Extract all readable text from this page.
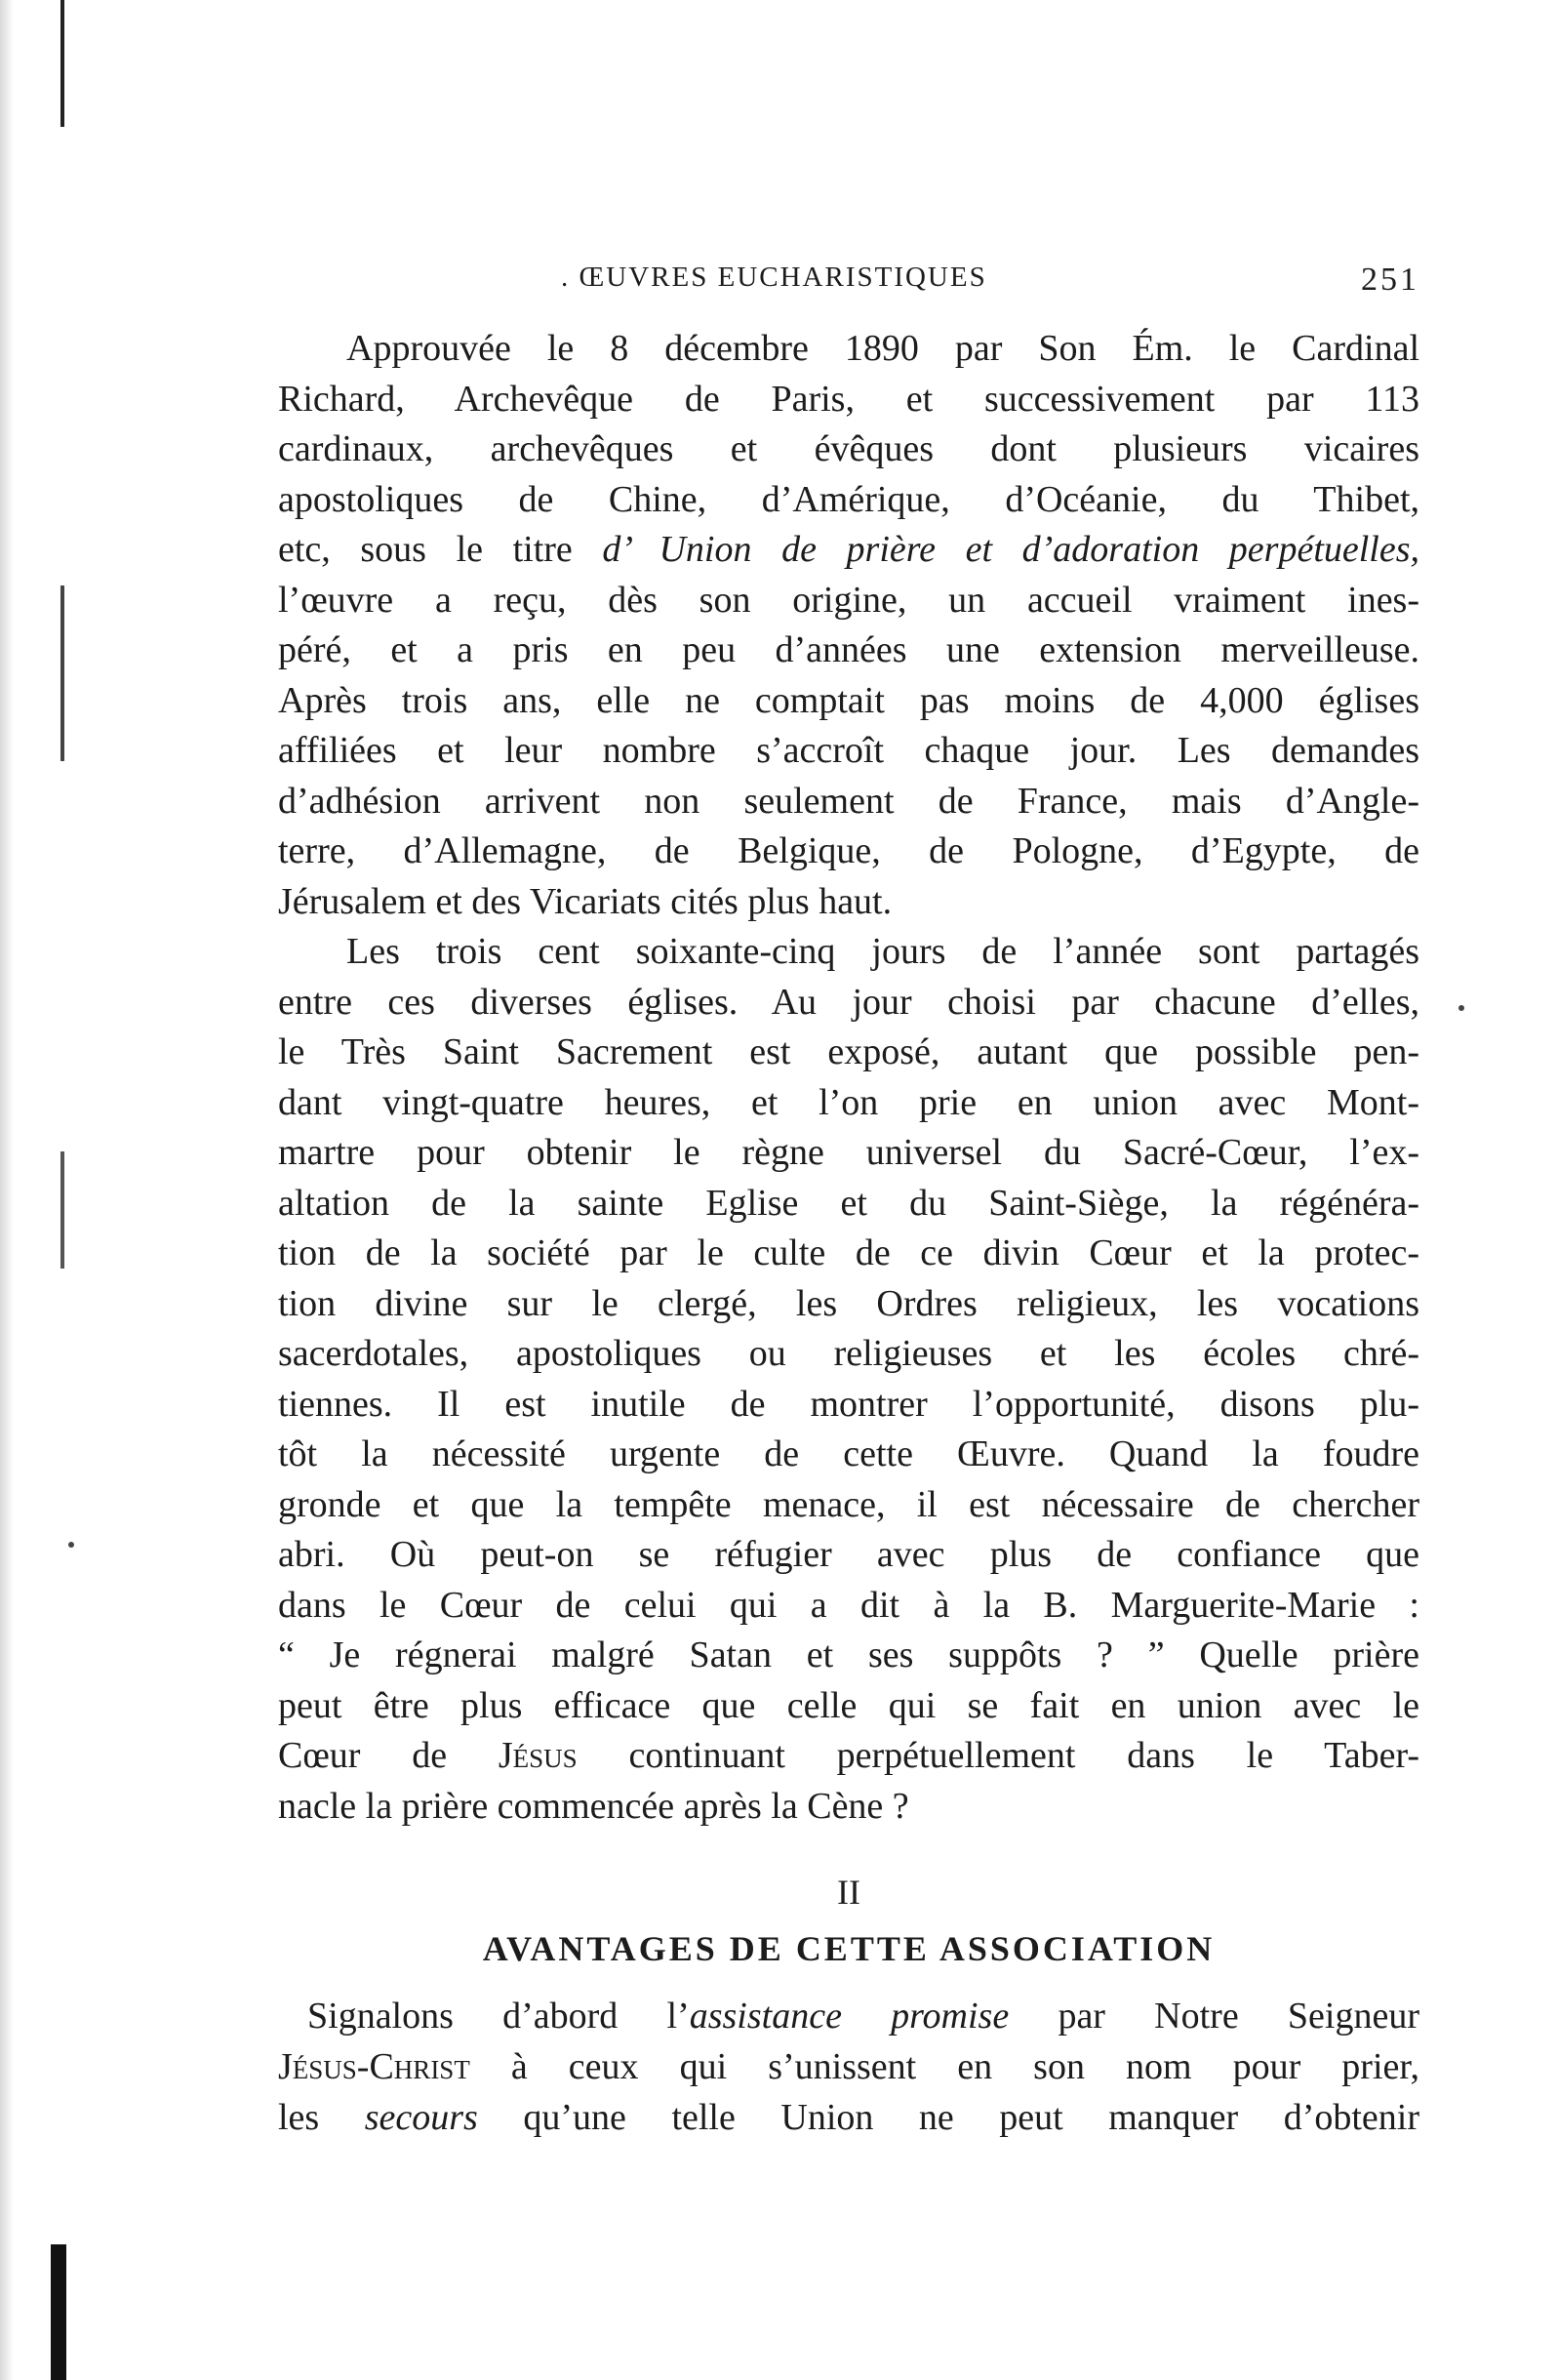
. ŒUVRES EUCHARISTIQUES	251

Approuvée le 8 décembre 1890 par Son Ém. le Cardinal
Richard, Archevêque de Paris, et successivement par 113
cardinaux, archevêques et évêques dont plusieurs vicaires
apostoliques de Chine, d’Amérique, d’Océanie, du Thibet,
etc, sous le titre d’ Union de prière et d’adoration perpétuelles,
l’œuvre a reçu, dès son origine, un accueil vraiment ines-
péré, et a pris en peu d’années une extension merveilleuse.
Après trois ans, elle ne comptait pas moins de 4,000 églises
affiliées et leur nombre s’accroît chaque jour. Les demandes
d’adhésion arrivent non seulement de France, mais d’Angle-
terre, d’Allemagne, de Belgique, de Pologne, d’Egypte, de
Jérusalem et des Vicariats cités plus haut.

Les trois cent soixante-cinq jours de l’année sont partagés
entre ces diverses églises. Au jour choisi par chacune d’elles,
le Très Saint Sacrement est exposé, autant que possible pen-
dant vingt-quatre heures, et l’on prie en union avec Mont-
martre pour obtenir le règne universel du Sacré-Cœur, l’ex-
altation de la sainte Eglise et du Saint-Siège, la régénéra-
tion de la société par le culte de ce divin Cœur et la protec-
tion divine sur le clergé, les Ordres religieux, les vocations
sacerdotales, apostoliques ou religieuses et les écoles chré-
tiennes. Il est inutile de montrer l’opportunité, disons plu-
tôt la nécessité urgente de cette Œuvre. Quand la foudre
gronde et que la tempête menace, il est nécessaire de chercher
abri. Où peut-on se réfugier avec plus de confiance que
dans le Cœur de celui qui a dit à la B. Marguerite-Marie :
“ Je régnerai malgré Satan et ses suppôts ? ” Quelle prière
peut être plus efficace que celle qui se fait en union avec le
Cœur de Jésus continuant perpétuellement dans le Taber-
nacle la prière commencée après la Cène ?

II
AVANTAGES DE CETTE ASSOCIATION
Signalons d’abord l’assistance promise par Notre Seigneur
Jésus-Christ à ceux qui s’unissent en son nom pour prier,
les secours qu’une telle Union ne peut manquer d’obtenir
